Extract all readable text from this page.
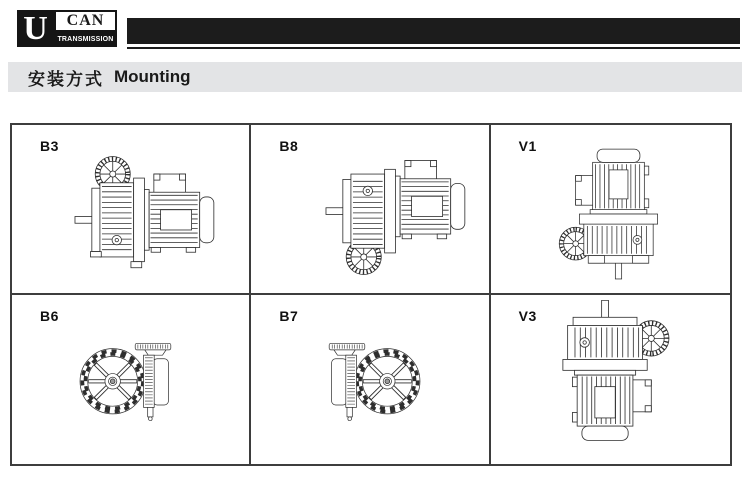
U	CAN
TRANSMISSION
安装方式 Mounting
B3	B8	V1
B6	B7	V3
